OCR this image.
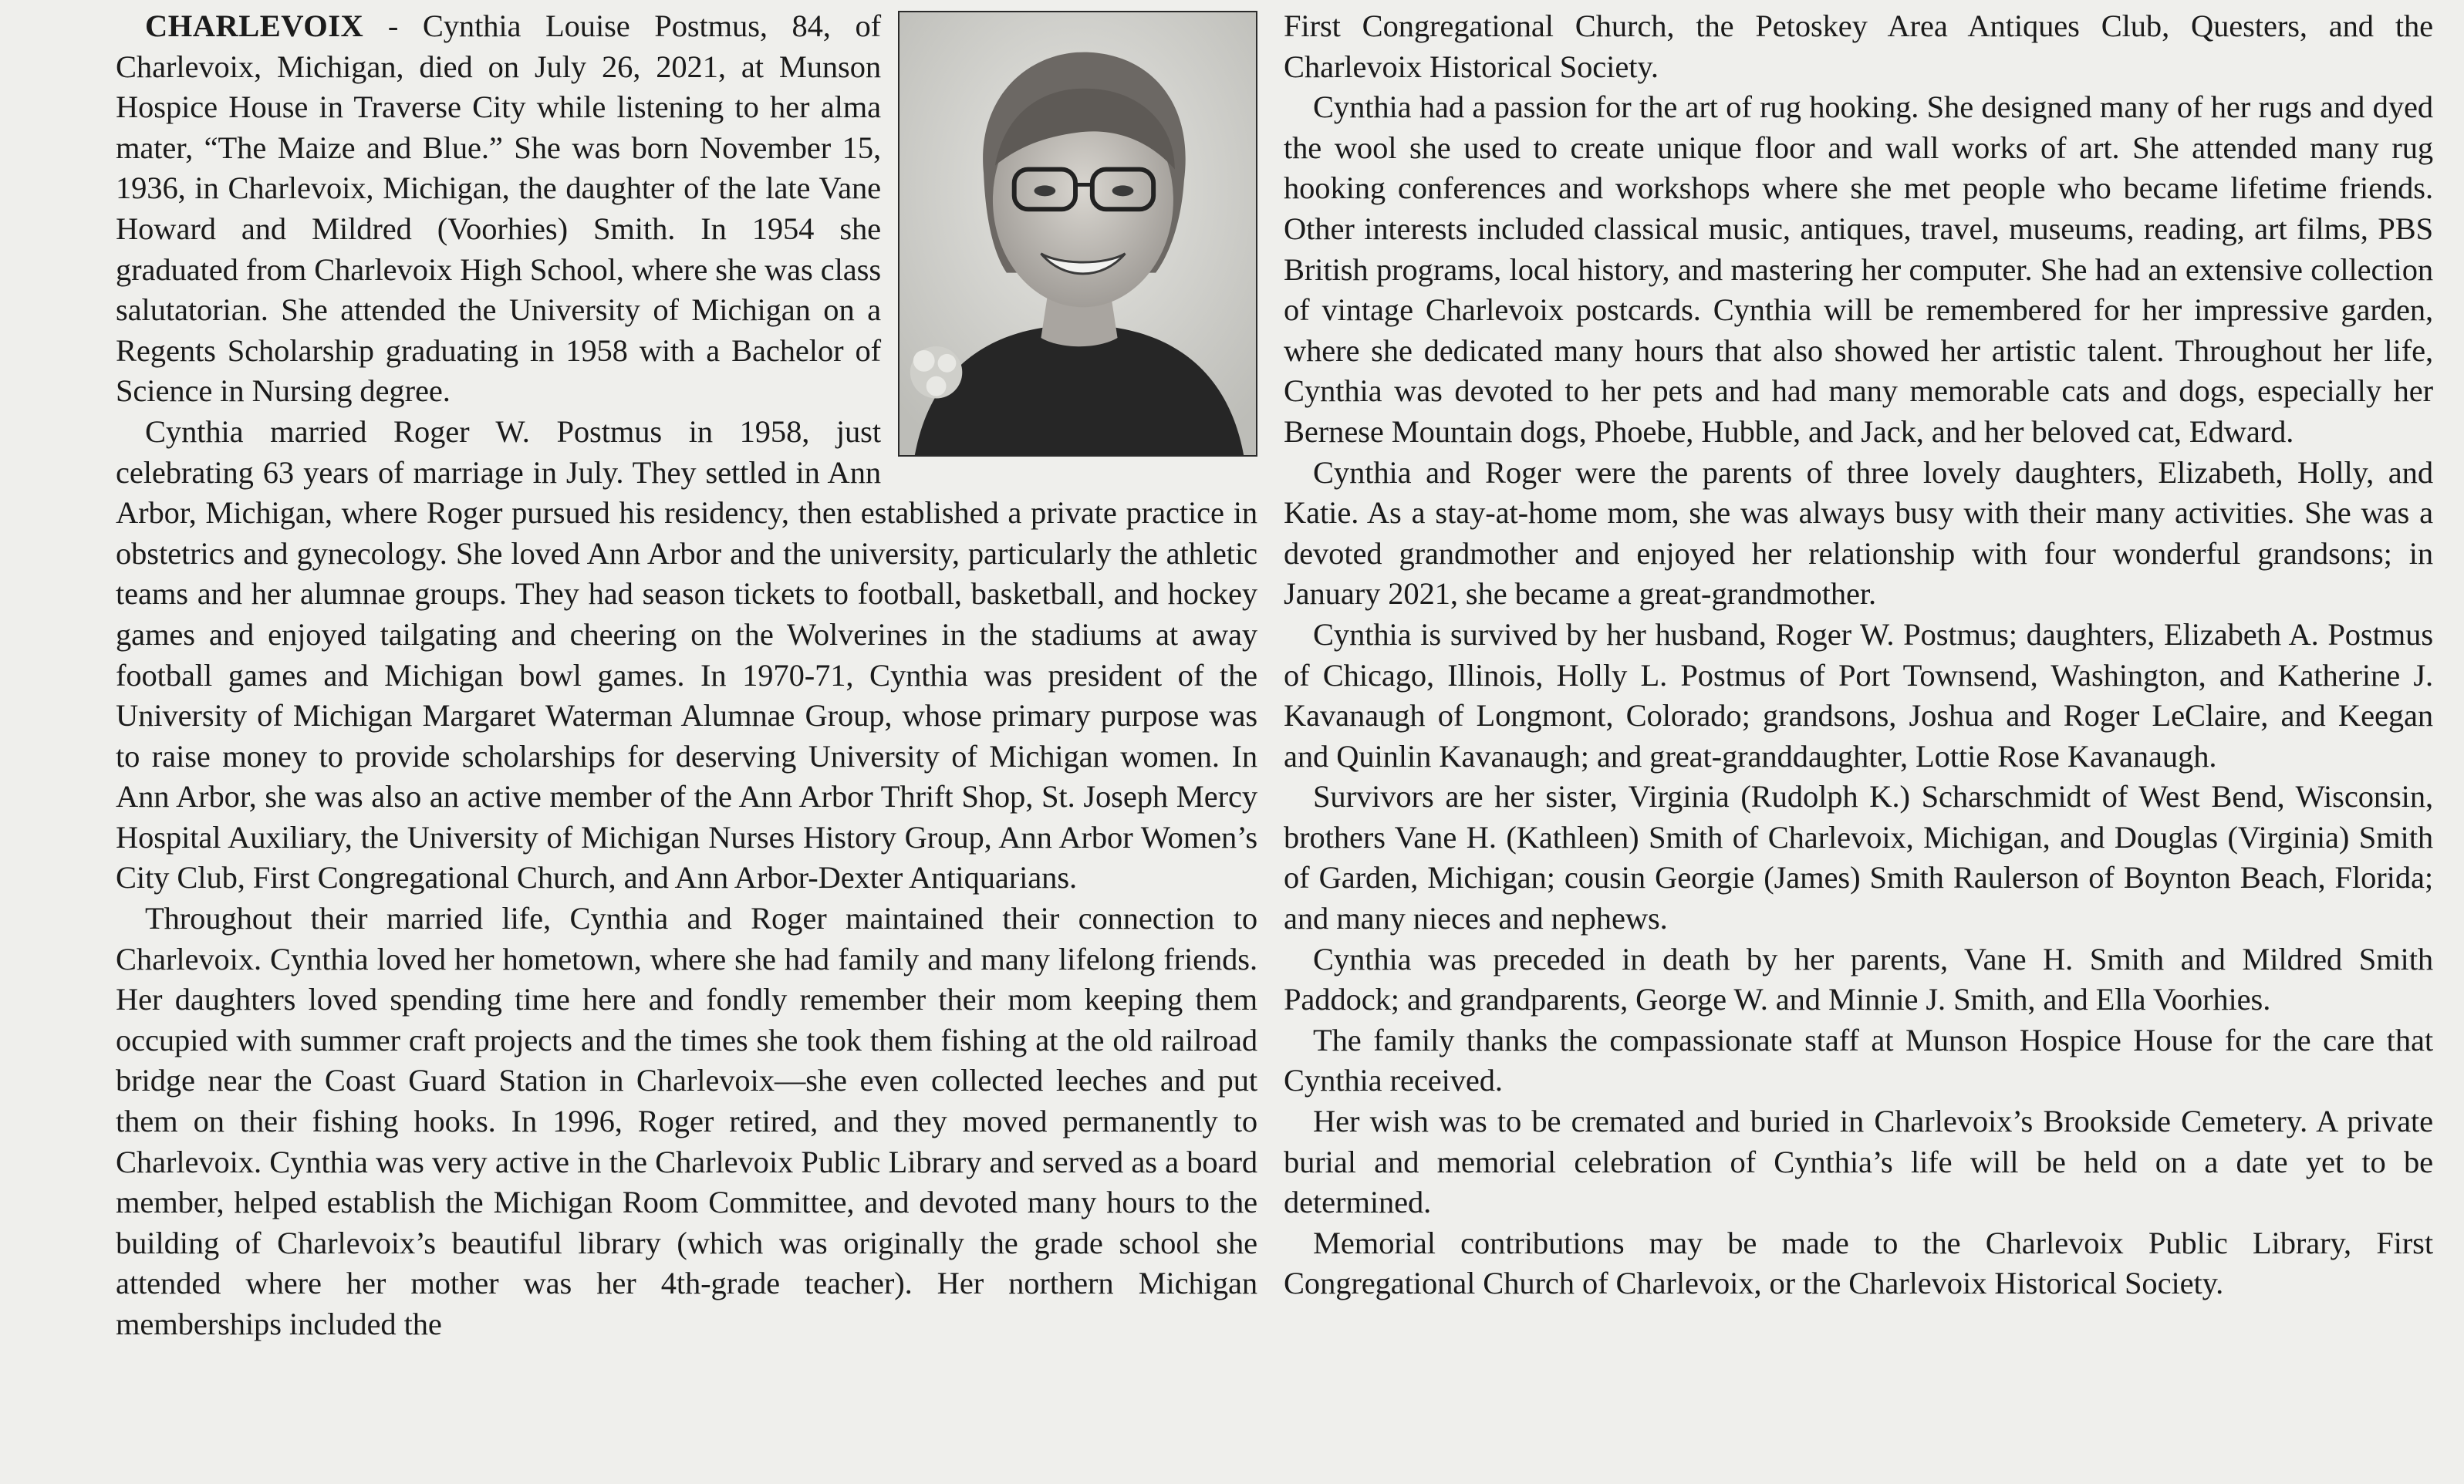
CHARLEVOIX - Cynthia Louise Postmus, 84, of Charlevoix, Michigan, died on July 26, 2021, at Munson Hospice House in Traverse City while listening to her alma mater, “The Maize and Blue.” She was born November 15, 1936, in Charlevoix, Michigan, the daughter of the late Vane Howard and Mildred (Voorhies) Smith. In 1954 she graduated from Charlevoix High School, where she was class salutatorian. She attended the University of Michigan on a Regents Scholarship graduating in 1958 with a Bachelor of Science in Nursing degree.

Cynthia married Roger W. Postmus in 1958, just celebrating 63 years of marriage in July. They settled in Ann Arbor, Michigan, where Roger pursued his residency, then established a private practice in obstetrics and gynecology. She loved Ann Arbor and the university, particularly the athletic teams and her alumnae groups. They had season tickets to football, basketball, and hockey games and enjoyed tailgating and cheering on the Wolverines in the stadiums at away football games and Michigan bowl games. In 1970-71, Cynthia was president of the University of Michigan Margaret Waterman Alumnae Group, whose primary purpose was to raise money to provide scholarships for deserving University of Michigan women. In Ann Arbor, she was also an active member of the Ann Arbor Thrift Shop, St. Joseph Mercy Hospital Auxiliary, the University of Michigan Nurses History Group, Ann Arbor Women’s City Club, First Congregational Church, and Ann Arbor-Dexter Antiquarians.

Throughout their married life, Cynthia and Roger maintained their connection to Charlevoix. Cynthia loved her hometown, where she had family and many lifelong friends. Her daughters loved spending time here and fondly remember their mom keeping them occupied with summer craft projects and the times she took them fishing at the old railroad bridge near the Coast Guard Station in Charlevoix—she even collected leeches and put them on their fishing hooks. In 1996, Roger retired, and they moved permanently to Charlevoix. Cynthia was very active in the Charlevoix Public Library and served as a board member, helped establish the Michigan Room Committee, and devoted many hours to the building of Charlevoix’s beautiful library (which was originally the grade school she attended where her mother was her 4th-grade teacher). Her northern Michigan memberships included the

First Congregational Church, the Petoskey Area Antiques Club, Questers, and the Charlevoix Historical Society.

Cynthia had a passion for the art of rug hooking. She designed many of her rugs and dyed the wool she used to create unique floor and wall works of art. She attended many rug hooking conferences and workshops where she met people who became lifetime friends. Other interests included classical music, antiques, travel, museums, reading, art films, PBS British programs, local history, and mastering her computer. She had an extensive collection of vintage Charlevoix postcards. Cynthia will be remembered for her impressive garden, where she dedicated many hours that also showed her artistic talent. Throughout her life, Cynthia was devoted to her pets and had many memorable cats and dogs, especially her Bernese Mountain dogs, Phoebe, Hubble, and Jack, and her beloved cat, Edward.

Cynthia and Roger were the parents of three lovely daughters, Elizabeth, Holly, and Katie. As a stay-at-home mom, she was always busy with their many activities. She was a devoted grandmother and enjoyed her relationship with four wonderful grandsons; in January 2021, she became a great-grandmother.

Cynthia is survived by her husband, Roger W. Postmus; daughters, Elizabeth A. Postmus of Chicago, Illinois, Holly L. Postmus of Port Townsend, Washington, and Katherine J. Kavanaugh of Longmont, Colorado; grandsons, Joshua and Roger LeClaire, and Keegan and Quinlin Kavanaugh; and great-granddaughter, Lottie Rose Kavanaugh.

Survivors are her sister, Virginia (Rudolph K.) Scharschmidt of West Bend, Wisconsin, brothers Vane H. (Kathleen) Smith of Charlevoix, Michigan, and Douglas (Virginia) Smith of Garden, Michigan; cousin Georgie (James) Smith Raulerson of Boynton Beach, Florida; and many nieces and nephews.

Cynthia was preceded in death by her parents, Vane H. Smith and Mildred Smith Paddock; and grandparents, George W. and Minnie J. Smith, and Ella Voorhies.

The family thanks the compassionate staff at Munson Hospice House for the care that Cynthia received.

Her wish was to be cremated and buried in Charlevoix’s Brookside Cemetery. A private burial and memorial celebration of Cynthia’s life will be held on a date yet to be determined.

Memorial contributions may be made to the Charlevoix Public Library, First Congregational Church of Charlevoix, or the Charlevoix Historical Society.
